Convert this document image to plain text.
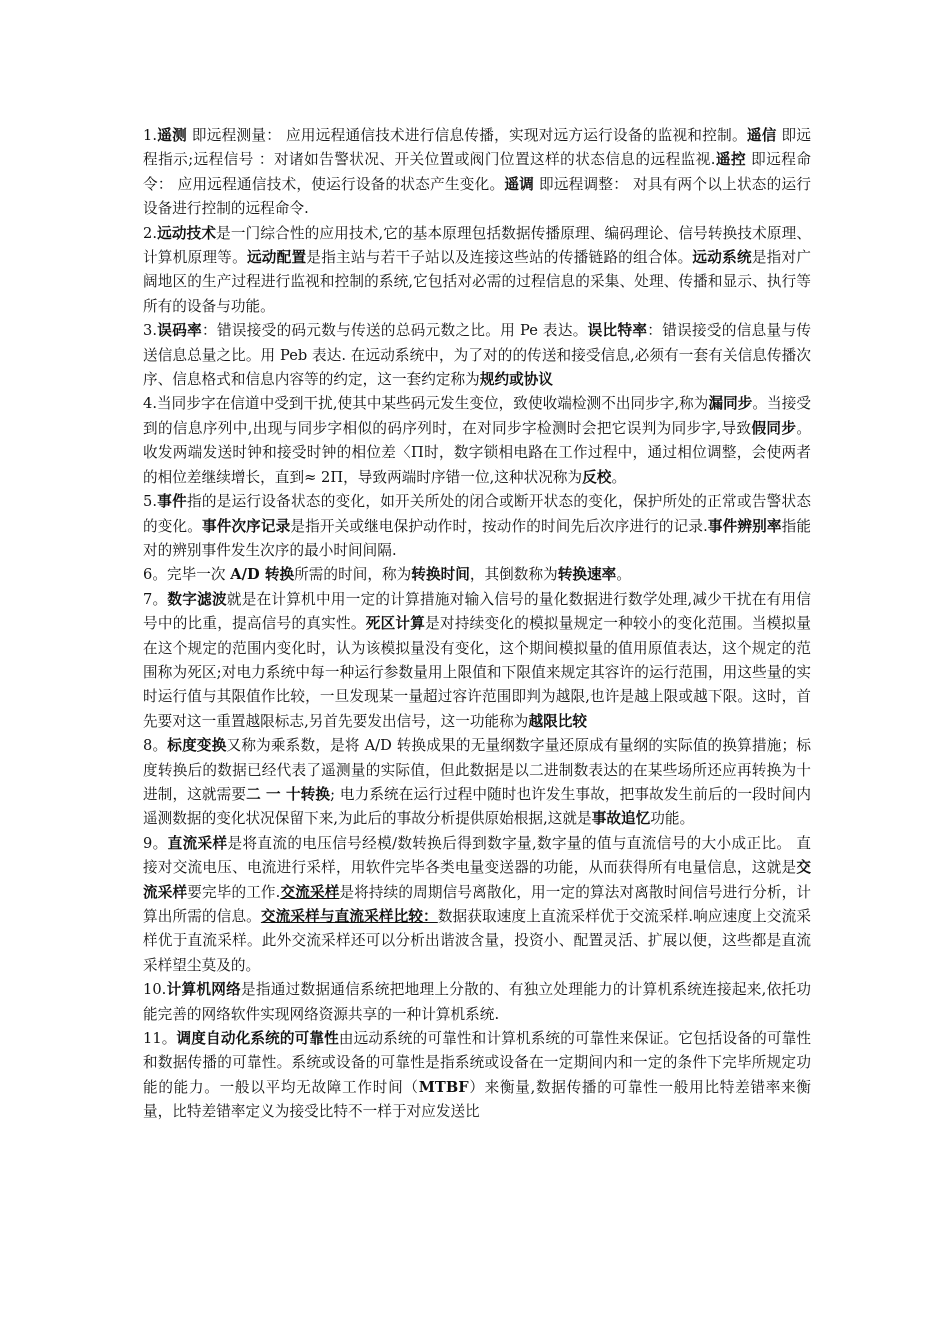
1.遥测 即远程测量： 应用远程通信技术进行信息传播，实现对远方运行设备的监视和控制。遥信 即远程指示;远程信号 ：对诸如告警状况、开关位置或阀门位置这样的状态信息的远程监视.遥控 即远程命令： 应用远程通信技术，使运行设备的状态产生变化。遥调 即远程调整： 对具有两个以上状态的运行设备进行控制的远程命令.

2.远动技术是一门综合性的应用技术,它的基本原理包括数据传播原理、编码理论、信号转换技术原理、计算机原理等。远动配置是指主站与若干子站以及连接这些站的传播链路的组合体。远动系统是指对广阔地区的生产过程进行监视和控制的系统,它包括对必需的过程信息的采集、处理、传播和显示、执行等所有的设备与功能。

3.误码率：错误接受的码元数与传送的总码元数之比。用 Pe 表达。误比特率：错误接受的信息量与传送信息总量之比。用 Peb 表达. 在远动系统中，为了对的的传送和接受信息,必须有一套有关信息传播次序、信息格式和信息内容等的约定，这一套约定称为规约或协议

4.当同步字在信道中受到干扰,使其中某些码元发生变位，致使收端检测不出同步字,称为漏同步。当接受到的信息序列中,出现与同步字相似的码序列时，在对同步字检测时会把它误判为同步字,导致假同步。收发两端发送时钟和接受时钟的相位差〈Π时，数字锁相电路在工作过程中，通过相位调整，会使两者的相位差继续增长，直到≈ 2Π，导致两端时序错一位,这种状况称为反校。

5.事件指的是运行设备状态的变化，如开关所处的闭合或断开状态的变化，保护所处的正常或告警状态的变化。事件次序记录是指开关或继电保护动作时，按动作的时间先后次序进行的记录.事件辨别率指能对的辨别事件发生次序的最小时间间隔.

6。完毕一次 A/D 转换所需的时间，称为转换时间，其倒数称为转换速率。

7。数字滤波就是在计算机中用一定的计算措施对输入信号的量化数据进行数学处理,减少干扰在有用信号中的比重，提高信号的真实性。死区计算是对持续变化的模拟量规定一种较小的变化范围。当模拟量在这个规定的范围内变化时，认为该模拟量没有变化，这个期间模拟量的值用原值表达，这个规定的范围称为死区;对电力系统中每一种运行参数量用上限值和下限值来规定其容许的运行范围，用这些量的实时运行值与其限值作比较，一旦发现某一量超过容许范围即判为越限,也许是越上限或越下限。这时，首先要对这一重置越限标志,另首先要发出信号，这一功能称为越限比较

8。标度变换又称为乘系数，是将 A/D 转换成果的无量纲数字量还原成有量纲的实际值的换算措施；标度转换后的数据已经代表了遥测量的实际值，但此数据是以二进制数表达的在某些场所还应再转换为十进制，这就需要二 一 十转换; 电力系统在运行过程中随时也许发生事故，把事故发生前后的一段时间内遥测数据的变化状况保留下来,为此后的事故分析提供原始根据,这就是事故追忆功能。

9。直流采样是将直流的电压信号经模/数转换后得到数字量,数字量的值与直流信号的大小成正比。 直接对交流电压、电流进行采样，用软件完毕各类电量变送器的功能，从而获得所有电量信息，这就是交流采样要完毕的工作.交流采样是将持续的周期信号离散化，用一定的算法对离散时间信号进行分析，计算出所需的信息。交流采样与直流采样比较：数据获取速度上直流采样优于交流采样.响应速度上交流采样优于直流采样。此外交流采样还可以分析出谐波含量，投资小、配置灵活、扩展以便，这些都是直流采样望尘莫及的。

10.计算机网络是指通过数据通信系统把地理上分散的、有独立处理能力的计算机系统连接起来,依托功能完善的网络软件实现网络资源共享的一种计算机系统.

11。调度自动化系统的可靠性由远动系统的可靠性和计算机系统的可靠性来保证。它包括设备的可靠性和数据传播的可靠性。系统或设备的可靠性是指系统或设备在一定期间内和一定的条件下完毕所规定功能的能力。一般以平均无故障工作时间（MTBF）来衡量,数据传播的可靠性一般用比特差错率来衡量，比特差错率定义为接受比特不一样于对应发送比
